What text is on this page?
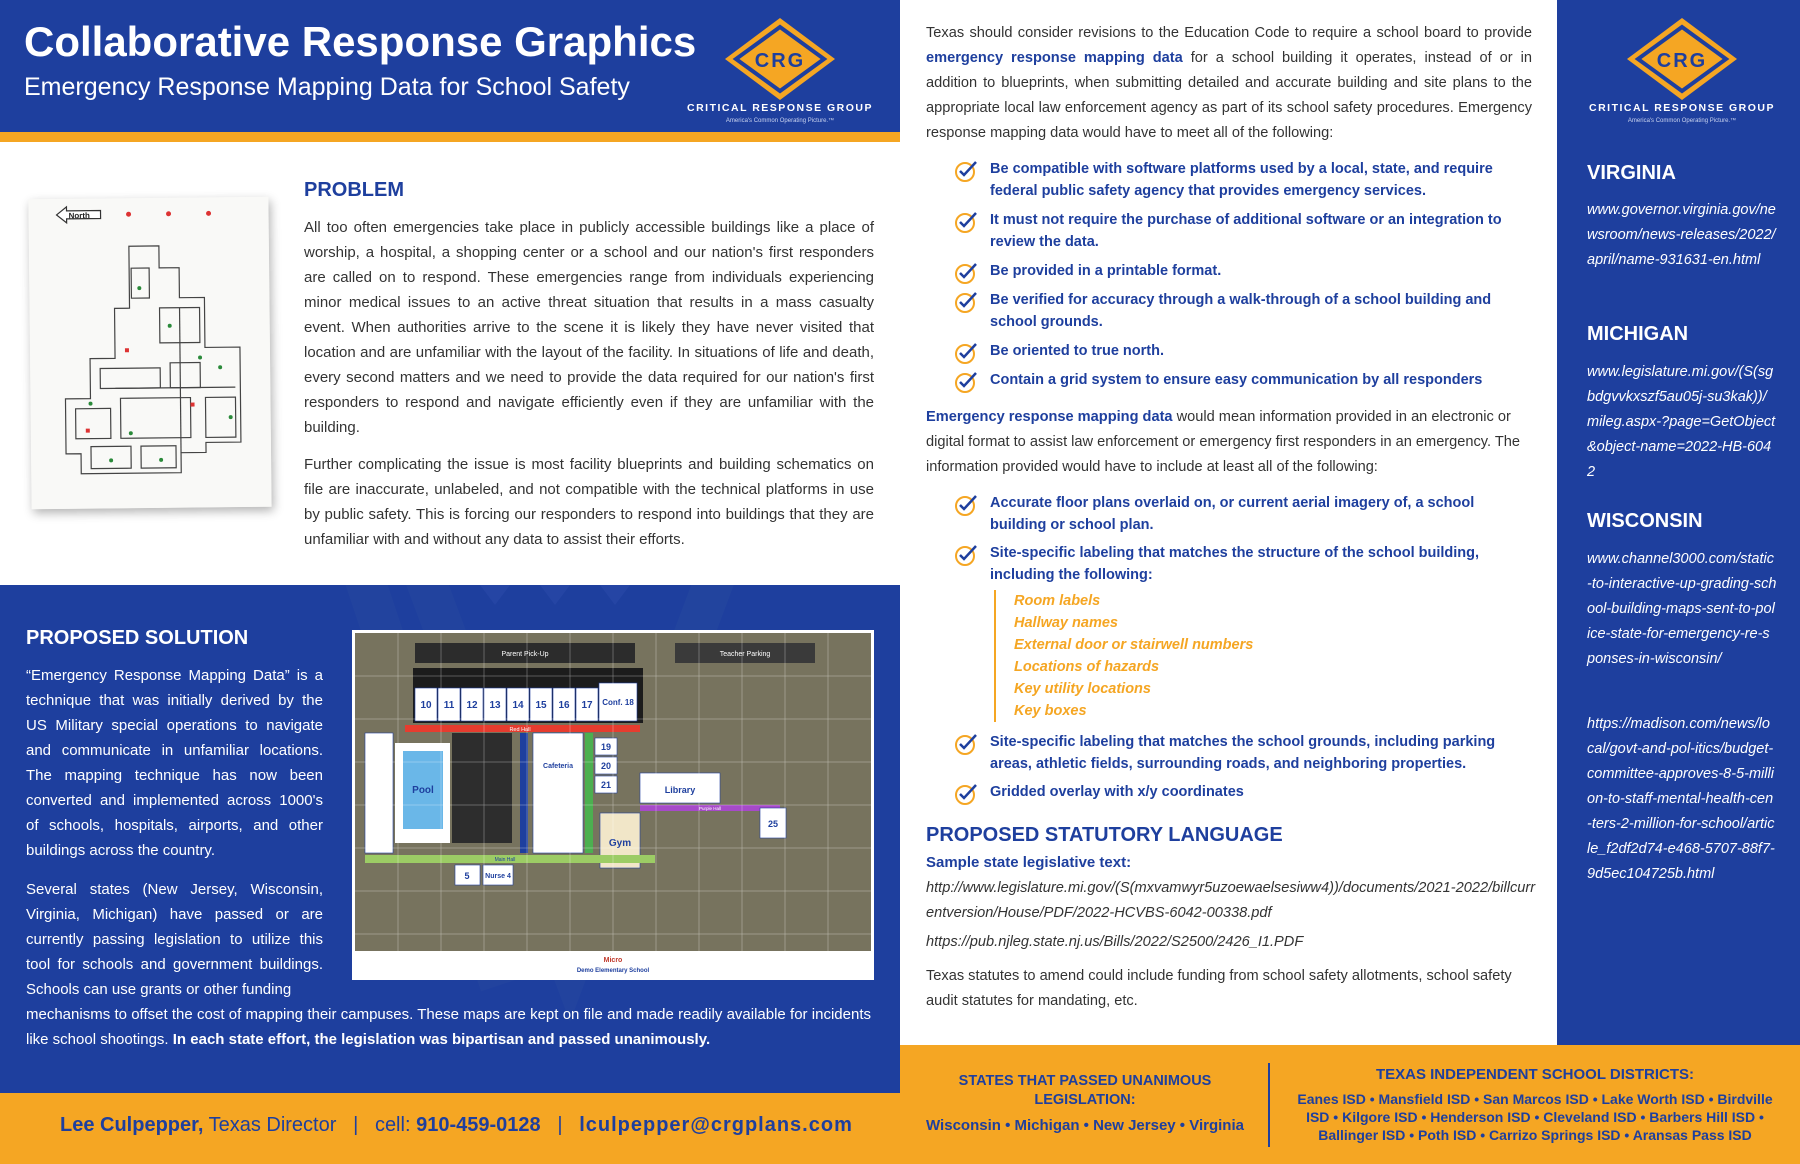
Collaborative Response Graphics
Emergency Response Mapping Data for School Safety
CRG
CRITICAL RESPONSE GROUP
America's Common Operating Picture.™
North
PROBLEM
All too often emergencies take place in publicly accessible buildings like a place of worship, a hospital, a shopping center or a school and our nation's first responders are called on to respond. These emergencies range from individuals experiencing minor medical issues to an active threat situation that results in a mass casualty event. When authorities arrive to the scene it is likely they have never visited that location and are unfamiliar with the layout of the facility. In situations of life and death, every second matters and we need to provide the data required for our nation's first responders to respond and navigate efficiently even if they are unfamiliar with the building.
Further complicating the issue is most facility blueprints and building schematics on file are inaccurate, unlabeled, and not compatible with the technical platforms in use by public safety. This is forcing our responders to respond into buildings that they are unfamiliar with and without any data to assist their efforts.
PROPOSED SOLUTION
“Emergency Response Mapping Data” is a technique that was initially derived by the US Military special operations to navigate and communicate in unfamiliar locations. The mapping technique has now been converted and implemented across 1000's of schools, hospitals, airports, and other buildings across the country.
Several states (New Jersey, Wisconsin, Virginia, Michigan) have passed or are currently passing legislation to utilize this tool for schools and government buildings. Schools can use grants or other funding
mechanisms to offset the cost of mapping their campuses. These maps are kept on file and made readily available for incidents like school shootings. In each state effort, the legislation was bipartisan and passed unanimously.
Parent Pick-Up	Teacher Parking
10 11 12 13 14 15 16 17 Conf. 18
Red Hall
Pool
Cafeteria
19
20
21	Library
Purple Hall
25
Gym
Main Hall
5 Nurse 4
Micro
Demo Elementary School
Lee Culpepper, Texas Director | cell: 910-459-0128 | lculpepper@crgplans.com
Texas should consider revisions to the Education Code to require a school board to provide emergency response mapping data for a school building it operates, instead of or in addition to blueprints, when submitting detailed and accurate building and site plans to the appropriate local law enforcement agency as part of its school safety procedures. Emergency response mapping data would have to meet all of the following:
Be compatible with software platforms used by a local, state, and require federal public safety agency that provides emergency services.
It must not require the purchase of additional software or an integration to review the data.
Be provided in a printable format.
Be verified for accuracy through a walk-through of a school building and school grounds.
Be oriented to true north.
Contain a grid system to ensure easy communication by all responders
Emergency response mapping data would mean information provided in an electronic or digital format to assist law enforcement or emergency first responders in an emergency. The information provided would have to include at least all of the following:
Accurate floor plans overlaid on, or current aerial imagery of, a school building or school plan.
Site-specific labeling that matches the structure of the school building, including the following:
Room labels
Hallway names
External door or stairwell numbers
Locations of hazards
Key utility locations
Key boxes
Site-specific labeling that matches the school grounds, including parking areas, athletic fields, surrounding roads, and neighboring properties.
Gridded overlay with x/y coordinates
PROPOSED STATUTORY LANGUAGE
Sample state legislative text:
http://www.legislature.mi.gov/(S(mxvamwyr5uzoewaelsesiww4))/documents/2021-2022/billcurrentversion/House/PDF/2022-HCVBS-6042-00338.pdf
https://pub.njleg.state.nj.us/Bills/2022/S2500/2426_I1.PDF
Texas statutes to amend could include funding from school safety allotments, school safety audit statutes for mandating, etc.
CRG
CRITICAL RESPONSE GROUP
America's Common Operating Picture.™
VIRGINIA
www.governor.virginia.gov/newsroom/news-releases/2022/april/name-931631-en.html
MICHIGAN
www.legislature.mi.gov/(S(sgbdgvvkxszf5au05j-su3kak))/mileg.aspx-?page=GetObject&object-name=2022-HB-6042
WISCONSIN
www.channel3000.com/static-to-interactive-up-grading-school-building-maps-sent-to-police-state-for-emergency-re-sponses-in-wisconsin/
https://madison.com/news/local/govt-and-pol-itics/budget-committee-approves-8-5-million-to-staff-mental-health-cen-ters-2-million-for-school/article_f2df2d74-e468-5707-88f7-9d5ec104725b.html
STATES THAT PASSED UNANIMOUS LEGISLATION:
Wisconsin • Michigan • New Jersey • Virginia
TEXAS INDEPENDENT SCHOOL DISTRICTS:
Eanes ISD • Mansfield ISD • San Marcos ISD • Lake Worth ISD • Birdville ISD • Kilgore ISD • Henderson ISD • Cleveland ISD • Barbers Hill ISD • Ballinger ISD • Poth ISD • Carrizo Springs ISD • Aransas Pass ISD
